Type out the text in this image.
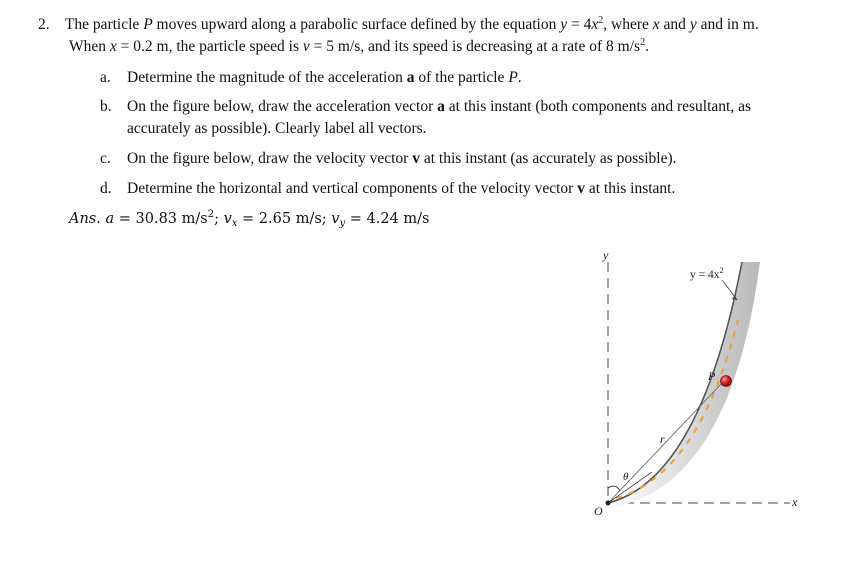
2. The particle P moves upward along a parabolic surface defined by the equation $y = 4x^2$, where x and y and in m.
When x = 0.2 m, the particle speed is v = 5 m/s, and its speed is decreasing at a rate of 8 $m/s^2$.
a. Determine the magnitude of the acceleration a of the particle P.
b. On the figure below, draw the acceleration vector a at this instant (both components and resultant, as
accurately as possible). Clearly label all vectors.
c. On the figure below, draw the velocity vector v at this instant (as accurately as possible).
d. Determine the horizontal and vertical components of the velocity vector v at this instant.
Ans. a = 30.83 $m/s^2$; $v_x = 2.65$ m/s; $v_y = 4.24$ m/s
y
x
O
$y = 4x^2$
P
r
θ
